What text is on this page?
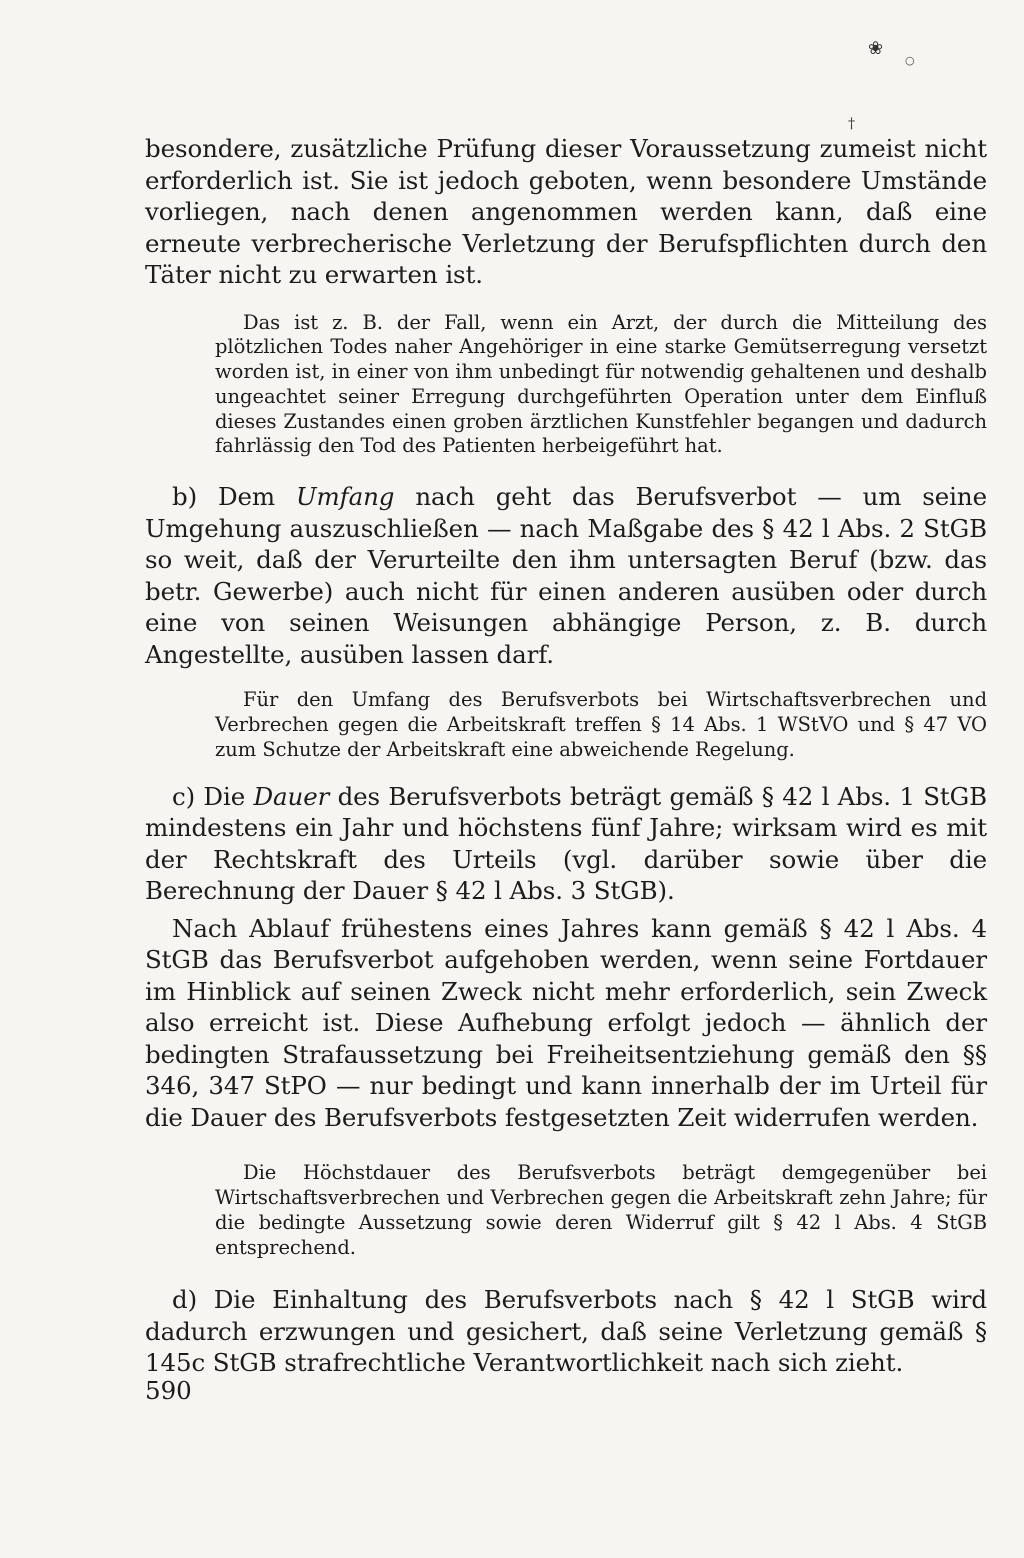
❀
○
†

besondere, zusätzliche Prüfung dieser Voraussetzung zumeist nicht erforderlich ist. Sie ist jedoch geboten, wenn besondere Umstände vorliegen, nach denen angenommen werden kann, daß eine erneute verbrecherische Verletzung der Berufspflichten durch den Täter nicht zu erwarten ist.

Das ist z. B. der Fall, wenn ein Arzt, der durch die Mitteilung des plötzlichen Todes naher Angehöriger in eine starke Gemütserregung versetzt worden ist, in einer von ihm unbedingt für notwendig gehaltenen und deshalb ungeachtet seiner Erregung durchgeführten Operation unter dem Einfluß dieses Zustandes einen groben ärztlichen Kunstfehler begangen und dadurch fahrlässig den Tod des Patienten herbeigeführt hat.

b) Dem Umfang nach geht das Berufsverbot — um seine Umgehung auszuschließen — nach Maßgabe des § 42 l Abs. 2 StGB so weit, daß der Verurteilte den ihm untersagten Beruf (bzw. das betr. Gewerbe) auch nicht für einen anderen ausüben oder durch eine von seinen Weisungen abhängige Person, z. B. durch Angestellte, ausüben lassen darf.

Für den Umfang des Berufsverbots bei Wirtschaftsverbrechen und Verbrechen gegen die Arbeitskraft treffen § 14 Abs. 1 WStVO und § 47 VO zum Schutze der Arbeitskraft eine abweichende Regelung.

c) Die Dauer des Berufsverbots beträgt gemäß § 42 l Abs. 1 StGB mindestens ein Jahr und höchstens fünf Jahre; wirksam wird es mit der Rechtskraft des Urteils (vgl. darüber sowie über die Berechnung der Dauer § 42 l Abs. 3 StGB).

Nach Ablauf frühestens eines Jahres kann gemäß § 42 l Abs. 4 StGB das Berufsverbot aufgehoben werden, wenn seine Fortdauer im Hinblick auf seinen Zweck nicht mehr erforderlich, sein Zweck also erreicht ist. Diese Aufhebung erfolgt jedoch — ähnlich der bedingten Strafaussetzung bei Freiheitsentziehung gemäß den §§ 346, 347 StPO — nur bedingt und kann innerhalb der im Urteil für die Dauer des Berufsverbots festgesetzten Zeit widerrufen werden.

Die Höchstdauer des Berufsverbots beträgt demgegenüber bei Wirtschaftsverbrechen und Verbrechen gegen die Arbeitskraft zehn Jahre; für die bedingte Aussetzung sowie deren Widerruf gilt § 42 l Abs. 4 StGB entsprechend.

d) Die Einhaltung des Berufsverbots nach § 42 l StGB wird dadurch erzwungen und gesichert, daß seine Verletzung gemäß § 145c StGB strafrechtliche Verantwortlichkeit nach sich zieht.

590
